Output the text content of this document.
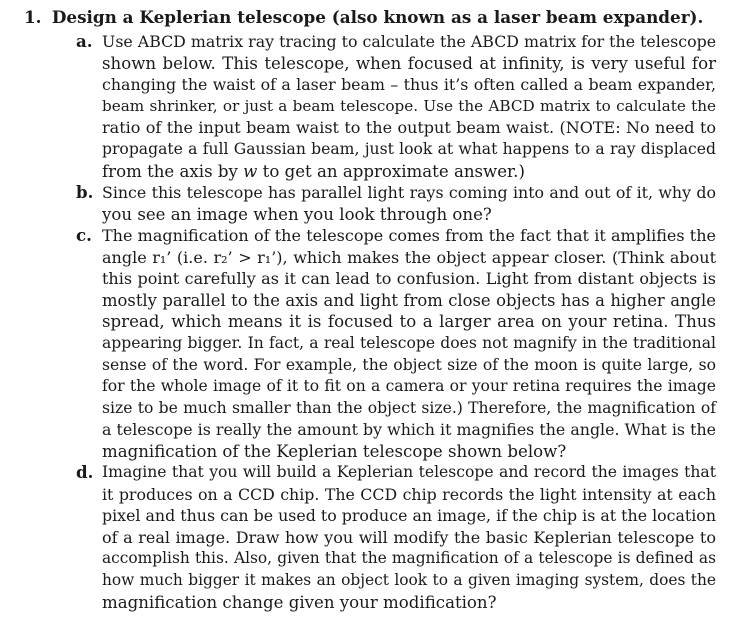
1. Design a Keplerian telescope (also known as a laser beam expander).
a. Use ABCD matrix ray tracing to calculate the ABCD matrix for the telescope
shown below. This telescope, when focused at infinity, is very useful for
changing the waist of a laser beam – thus it’s often called a beam expander,
beam shrinker, or just a beam telescope. Use the ABCD matrix to calculate the
ratio of the input beam waist to the output beam waist. (NOTE: No need to
propagate a full Gaussian beam, just look at what happens to a ray displaced
from the axis by w to get an approximate answer.)
b. Since this telescope has parallel light rays coming into and out of it, why do
you see an image when you look through one?
c. The magnification of the telescope comes from the fact that it amplifies the
angle r₁’ (i.e. r₂’ > r₁’), which makes the object appear closer. (Think about
this point carefully as it can lead to confusion. Light from distant objects is
mostly parallel to the axis and light from close objects has a higher angle
spread, which means it is focused to a larger area on your retina. Thus
appearing bigger. In fact, a real telescope does not magnify in the traditional
sense of the word. For example, the object size of the moon is quite large, so
for the whole image of it to fit on a camera or your retina requires the image
size to be much smaller than the object size.) Therefore, the magnification of
a telescope is really the amount by which it magnifies the angle. What is the
magnification of the Keplerian telescope shown below?
d. Imagine that you will build a Keplerian telescope and record the images that
it produces on a CCD chip. The CCD chip records the light intensity at each
pixel and thus can be used to produce an image, if the chip is at the location
of a real image. Draw how you will modify the basic Keplerian telescope to
accomplish this. Also, given that the magnification of a telescope is defined as
how much bigger it makes an object look to a given imaging system, does the
magnification change given your modification?
